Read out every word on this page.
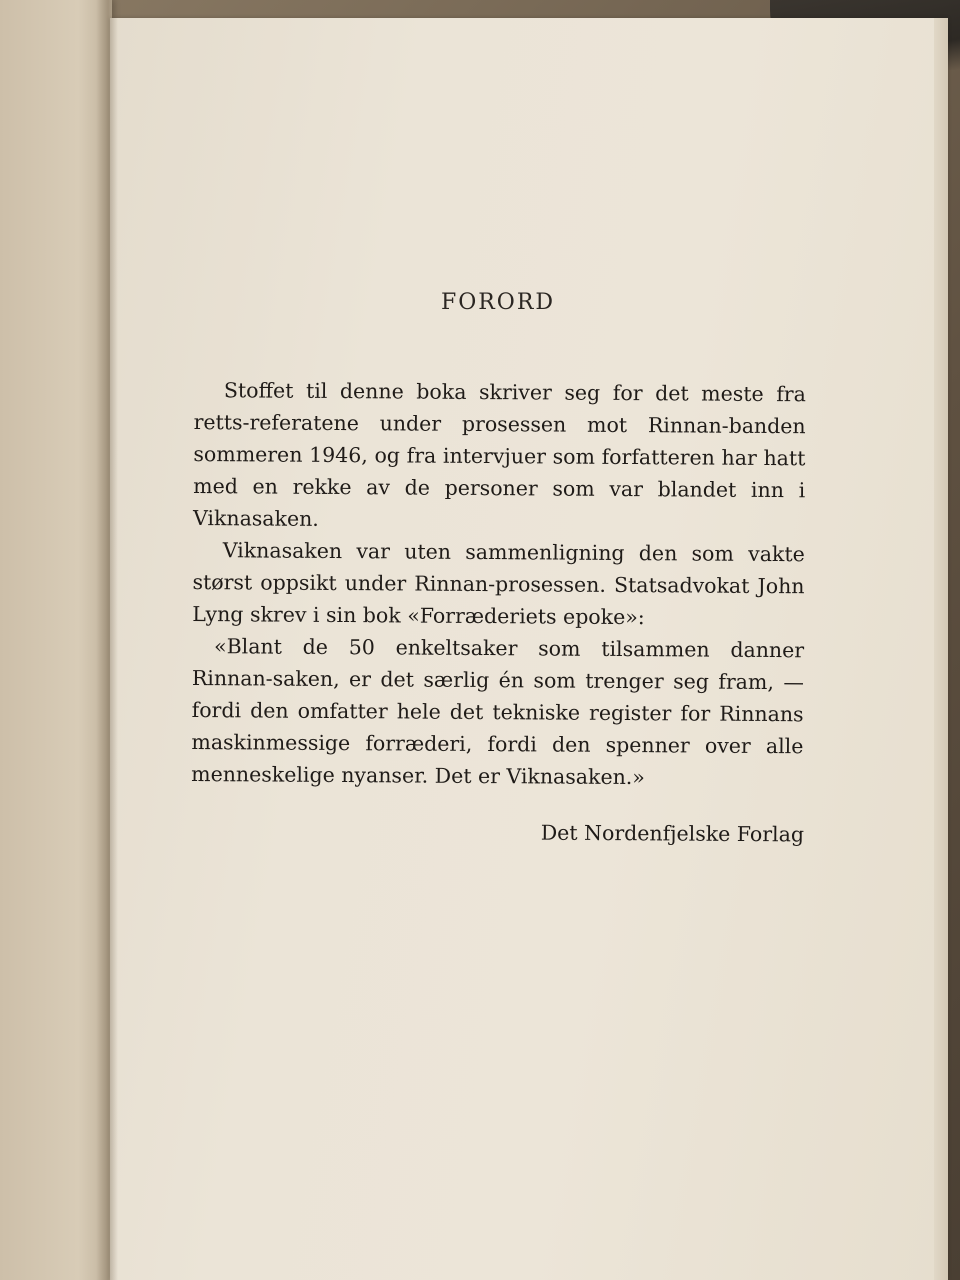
FORORD

Stoffet til denne boka skriver seg for det meste fra retts-referatene under prosessen mot Rinnan-banden sommeren 1946, og fra intervjuer som forfatteren har hatt med en rekke av de personer som var blandet inn i Viknasaken.

Viknasaken var uten sammenligning den som vakte størst oppsikt under Rinnan-prosessen. Statsadvokat John Lyng skrev i sin bok «Forræderiets epoke»:

«Blant de 50 enkeltsaker som tilsammen danner Rinnan-saken, er det særlig én som trenger seg fram, — fordi den omfatter hele det tekniske register for Rinnans maskinmessige forræderi, fordi den spenner over alle menneskelige nyanser. Det er Viknasaken.»

Det Nordenfjelske Forlag
